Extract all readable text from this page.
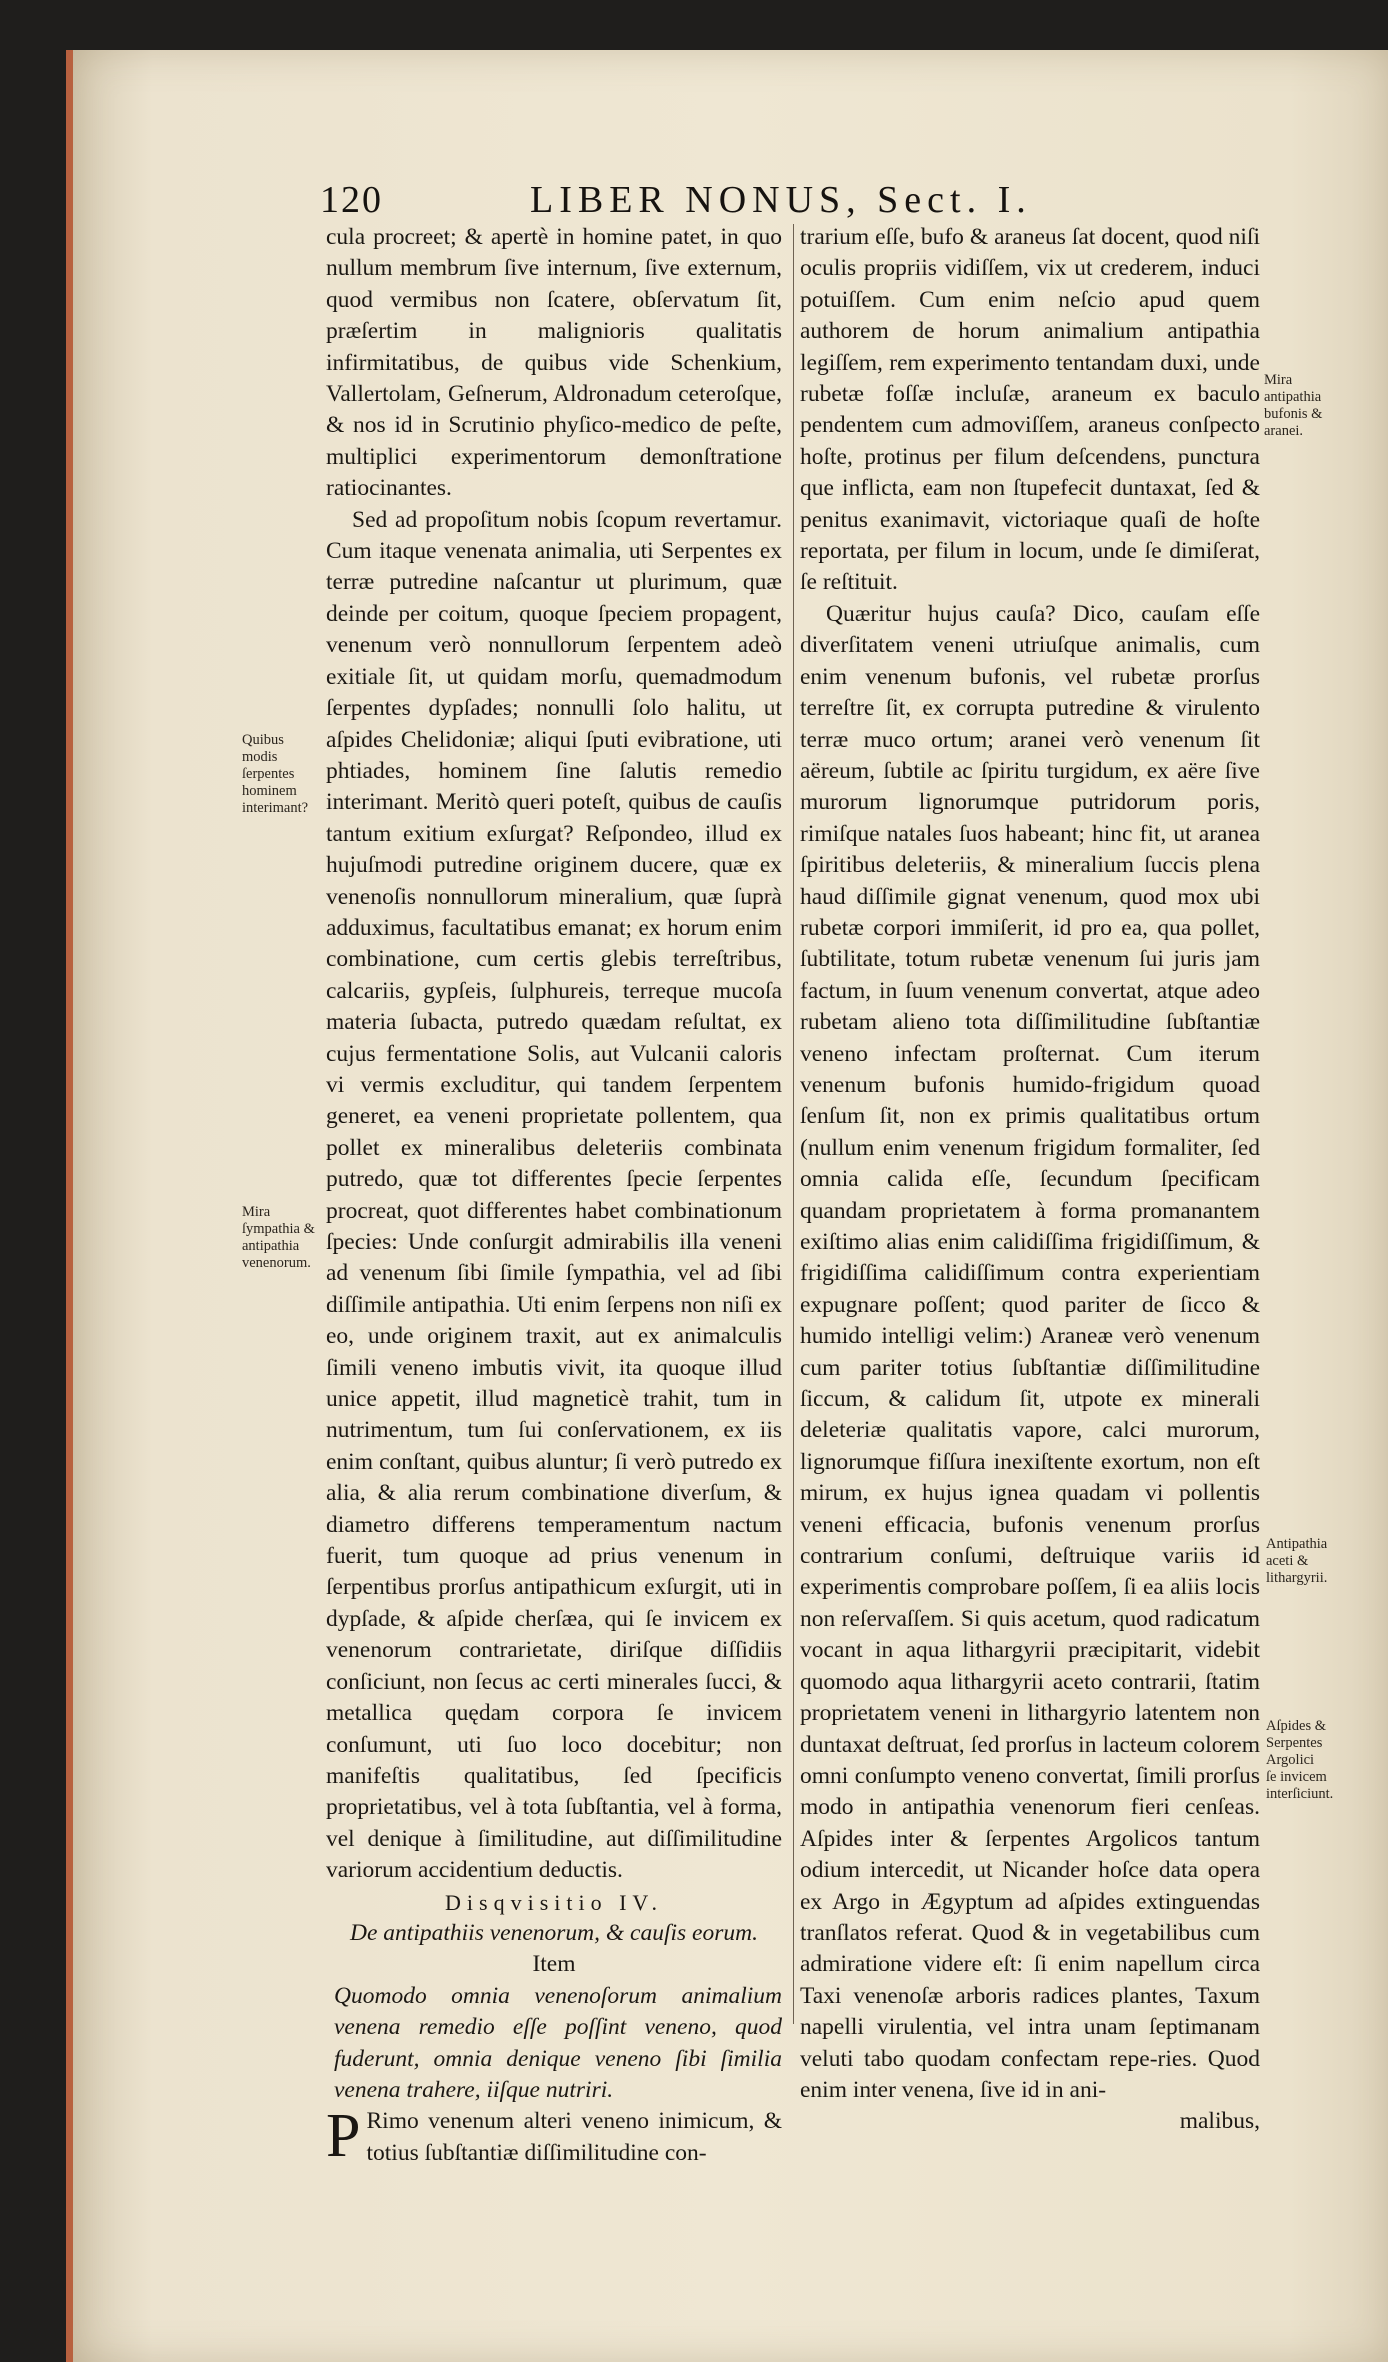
120	LIBER NONUS, Sect. I.

cula procreet; & apertè in homine patet, in quo nullum membrum ſive internum, ſive externum, quod vermibus non ſcatere, obſervatum ſit, præſertim in malignioris qualitatis infirmitatibus, de quibus vide Schenkium, Vallertolam, Geſnerum, Aldronadum ceteroſque, & nos id in Scrutinio phyſico-medico de peſte, multiplici experimentorum demonſtratione ratiocinantes.

Sed ad propoſitum nobis ſcopum revertamur. Cum itaque venenata animalia, uti Serpentes ex terræ putredine naſcantur ut plurimum, quæ deinde per coitum, quoque ſpeciem propagent, venenum verò nonnullorum ſerpentem adeò exitiale ſit, ut quidam morſu, quemadmodum ſerpentes dypſades; nonnulli ſolo halitu, ut aſpides Chelidoniæ; aliqui ſputi evibratione, uti phtiades, hominem ſine ſalutis remedio interimant. Meritò queri poteſt, quibus de cauſis tantum exitium exſurgat? Reſpondeo, illud ex hujuſmodi putredine originem ducere, quæ ex venenoſis nonnullorum mineralium, quæ ſuprà adduximus, facultatibus emanat; ex horum enim combinatione, cum certis glebis terreſtribus, calcariis, gypſeis, ſulphureis, terreque mucoſa materia ſubacta, putredo quædam reſultat, ex cujus fermentatione Solis, aut Vulcanii caloris vi vermis excluditur, qui tandem ſerpentem generet, ea veneni proprietate pollentem, qua pollet ex mineralibus deleteriis combinata putredo, quæ tot differentes ſpecie ſerpentes procreat, quot differentes habet combinationum ſpecies: Unde conſurgit admirabilis illa veneni ad venenum ſibi ſimile ſympathia, vel ad ſibi diſſimile antipathia. Uti enim ſerpens non niſi ex eo, unde originem traxit, aut ex animalculis ſimili veneno imbutis vivit, ita quoque illud unice appetit, illud magneticè trahit, tum in nutrimentum, tum ſui conſervationem, ex iis enim conſtant, quibus aluntur; ſi verò putredo ex alia, & alia rerum combinatione diverſum, & diametro differens temperamentum nactum fuerit, tum quoque ad prius venenum in ſerpentibus prorſus antipathicum exſurgit, uti in dypſade, & aſpide cherſæa, qui ſe invicem ex venenorum contrarietate, diriſque diſſidiis conſiciunt, non ſecus ac certi minerales ſucci, & metallica quędam corpora ſe invicem conſumunt, uti ſuo loco docebitur; non manifeſtis qualitatibus, ſed ſpecificis proprietatibus, vel à tota ſubſtantia, vel à forma, vel denique à ſimilitudine, aut diſſimilitudine variorum accidentium deductis.

Disqvisitio IV.

De antipathiis venenorum, & cauſis eorum.

Item

Quomodo omnia venenoſorum animalium venena remedio eſſe poſſint veneno, quod fuderunt, omnia denique veneno ſibi ſimilia venena trahere, iiſque nutriri.

P Rimo venenum alteri veneno inimicum, & totius ſubſtantiæ diſſimilitudine con-

trarium eſſe, bufo & araneus ſat docent, quod niſi oculis propriis vidiſſem, vix ut crederem, induci potuiſſem. Cum enim neſcio apud quem authorem de horum animalium antipathia legiſſem, rem experimento tentandam duxi, unde rubetæ foſſæ incluſæ, araneum ex baculo pendentem cum admoviſſem, araneus conſpecto hoſte, protinus per filum deſcendens, punctura que inflicta, eam non ſtupefecit duntaxat, ſed & penitus exanimavit, victoriaque quaſi de hoſte reportata, per filum in locum, unde ſe dimiſerat, ſe reſtituit.

Quæritur hujus cauſa? Dico, cauſam eſſe diverſitatem veneni utriuſque animalis, cum enim venenum bufonis, vel rubetæ prorſus terreſtre ſit, ex corrupta putredine & virulento terræ muco ortum; aranei verò venenum ſit aëreum, ſubtile ac ſpiritu turgidum, ex aëre ſive murorum lignorumque putridorum poris, rimiſque natales ſuos habeant; hinc fit, ut aranea ſpiritibus deleteriis, & mineralium ſuccis plena haud diſſimile gignat venenum, quod mox ubi rubetæ corpori immiſerit, id pro ea, qua pollet, ſubtilitate, totum rubetæ venenum ſui juris jam factum, in ſuum venenum convertat, atque adeo rubetam alieno tota diſſimilitudine ſubſtantiæ veneno infectam proſternat. Cum iterum venenum bufonis humido-frigidum quoad ſenſum ſit, non ex primis qualitatibus ortum (nullum enim venenum frigidum formaliter, ſed omnia calida eſſe, ſecundum ſpecificam quandam proprietatem à forma promanantem exiſtimo alias enim calidiſſima frigidiſſimum, & frigidiſſima calidiſſimum contra experientiam expugnare poſſent; quod pariter de ſicco & humido intelligi velim:) Araneæ verò venenum cum pariter totius ſubſtantiæ diſſimilitudine ſiccum, & calidum ſit, utpote ex minerali deleteriæ qualitatis vapore, calci murorum, lignorumque fiſſura inexiſtente exortum, non eſt mirum, ex hujus ignea quadam vi pollentis veneni efficacia, bufonis venenum prorſus contrarium conſumi, deſtruique variis id experimentis comprobare poſſem, ſi ea aliis locis non reſervaſſem. Si quis acetum, quod radicatum vocant in aqua lithargyrii præcipitarit, videbit quomodo aqua lithargyrii aceto contrarii, ſtatim proprietatem veneni in lithargyrio latentem non duntaxat deſtruat, ſed prorſus in lacteum colorem omni conſumpto veneno convertat, ſimili prorſus modo in antipathia venenorum fieri cenſeas. Aſpides inter & ſerpentes Argolicos tantum odium intercedit, ut Nicander hoſce data opera ex Argo in Ægyptum ad aſpides extinguendas tranſlatos referat. Quod & in vegetabilibus cum admiratione videre eſt: ſi enim napellum circa Taxi venenoſæ arboris radices plantes, Taxum napelli virulentia, vel intra unam ſeptimanam veluti tabo quodam confectam repe-ries. Quod enim inter venena, ſive id in ani-

malibus,

Quibus modis ſerpentes hominem interimant?
Mira ſympathia & antipathia venenorum.
Mira antipathia bufonis & aranei.
Antipathia aceti & lithargyrii.
Aſpides & Serpentes Argolici ſe invicem interſiciunt.
